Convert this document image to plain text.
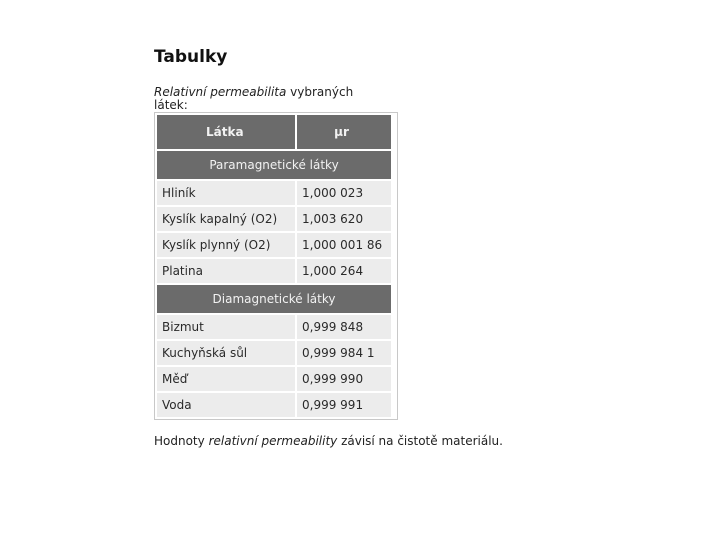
Tabulky
Relativní permeabilita vybraných látek:
Látka	μr
Paramagnetické látky	
Hliník	1,000 023
Kyslík kapalný (O2)	1,003 620
Kyslík plynný (O2)	1,000 001 86
Platina	1,000 264
Diamagnetické látky	
Bizmut	0,999 848
Kuchyňská sůl	0,999 984 1
Měď	0,999 990
Voda	0,999 991
Hodnoty relativní permeability závisí na čistotě materiálu.
